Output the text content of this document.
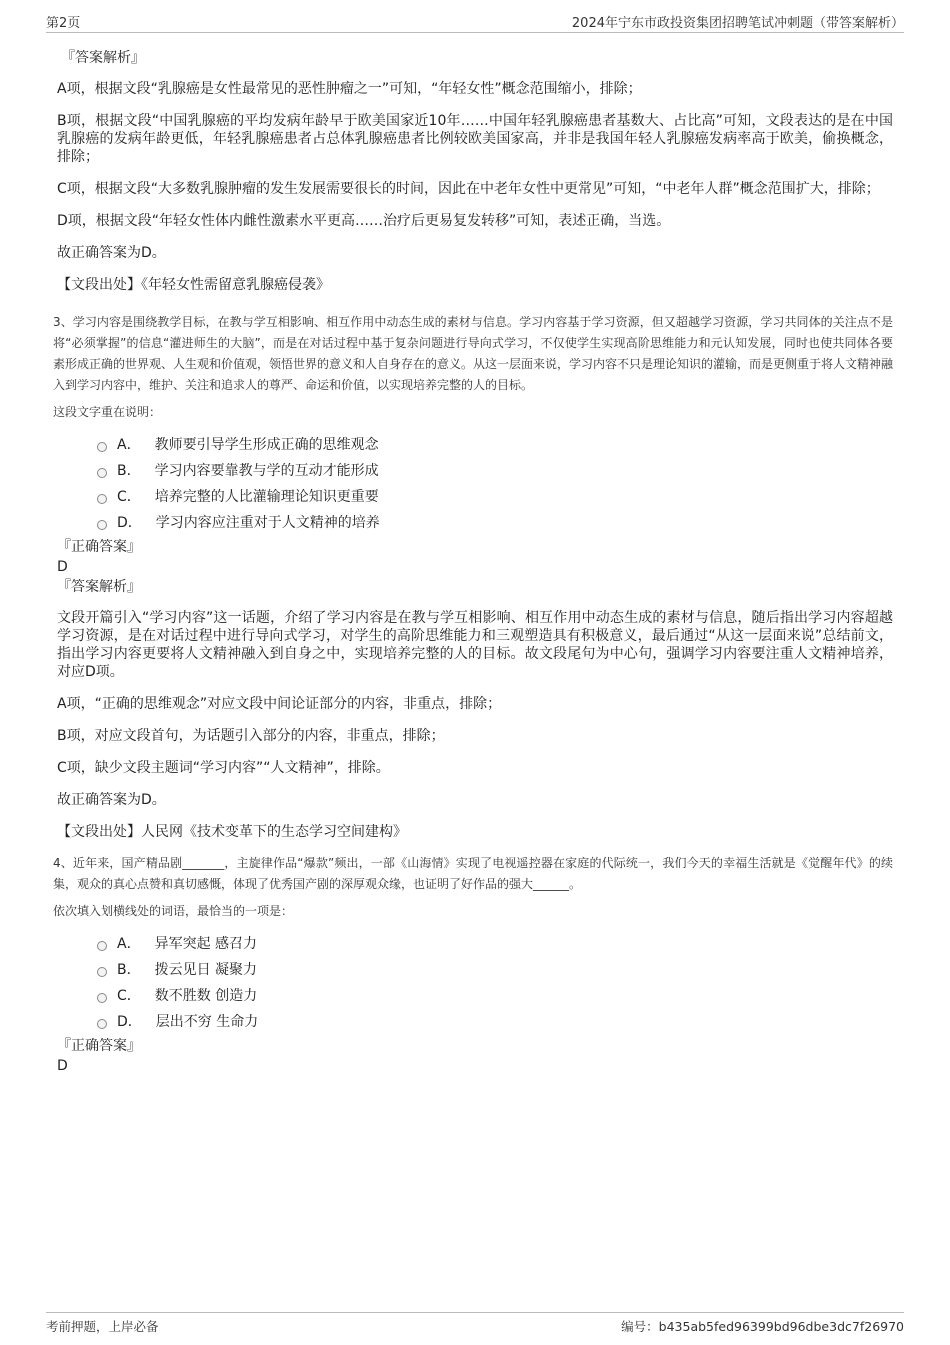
第2页	2024年宁东市政投资集团招聘笔试冲刺题（带答案解析）
『答案解析』

A项，根据文段“乳腺癌是女性最常见的恶性肿瘤之一”可知，“年轻女性”概念范围缩小，排除；

B项，根据文段“中国乳腺癌的平均发病年龄早于欧美国家近10年……中国年轻乳腺癌患者基数大、占比高”可知，文段表达的是在中国乳腺癌的发病年龄更低，年轻乳腺癌患者占总体乳腺癌患者比例较欧美国家高，并非是我国年轻人乳腺癌发病率高于欧美，偷换概念，排除；

C项，根据文段“大多数乳腺肿瘤的发生发展需要很长的时间，因此在中老年女性中更常见”可知，“中老年人群”概念范围扩大，排除；

D项，根据文段“年轻女性体内雌性激素水平更高……治疗后更易复发转移”可知，表述正确，当选。

故正确答案为D。

【文段出处】《年轻女性需留意乳腺癌侵袭》

3、学习内容是围绕教学目标，在教与学互相影响、相互作用中动态生成的素材与信息。学习内容基于学习资源，但又超越学习资源，学习共同体的关注点不是将“必须掌握”的信息“灌进师生的大脑”，而是在对话过程中基于复杂问题进行导向式学习，不仅使学生实现高阶思维能力和元认知发展，同时也使共同体各要素形成正确的世界观、人生观和价值观，领悟世界的意义和人自身存在的意义。从这一层面来说，学习内容不只是理论知识的灌输，而是更侧重于将人文精神融入到学习内容中，维护、关注和追求人的尊严、命运和价值，以实现培养完整的人的目标。

这段文字重在说明：

A． 教师要引导学生形成正确的思维观念
B． 学习内容要靠教与学的互动才能形成
C． 培养完整的人比灌输理论知识更重要
D． 学习内容应注重对于人文精神的培养
『正确答案』
D
『答案解析』

文段开篇引入“学习内容”这一话题，介绍了学习内容是在教与学互相影响、相互作用中动态生成的素材与信息，随后指出学习内容超越学习资源，是在对话过程中进行导向式学习，对学生的高阶思维能力和三观塑造具有积极意义，最后通过“从这一层面来说”总结前文，指出学习内容更要将人文精神融入到自身之中，实现培养完整的人的目标。故文段尾句为中心句，强调学习内容要注重人文精神培养，对应D项。

A项，“正确的思维观念”对应文段中间论证部分的内容，非重点，排除；

B项，对应文段首句，为话题引入部分的内容，非重点，排除；

C项，缺少文段主题词“学习内容”“人文精神”，排除。

故正确答案为D。

【文段出处】人民网《技术变革下的生态学习空间建构》

4、近年来，国产精品剧_______，主旋律作品“爆款”频出，一部《山海情》实现了电视遥控器在家庭的代际统一，我们今天的幸福生活就是《觉醒年代》的续集，观众的真心点赞和真切感慨，体现了优秀国产剧的深厚观众缘，也证明了好作品的强大______。

依次填入划横线处的词语，最恰当的一项是：

A． 异军突起 感召力
B． 拨云见日 凝聚力
C． 数不胜数 创造力
D． 层出不穷 生命力
『正确答案』
D
考前押题，上岸必备	编号：b435ab5fed96399bd96dbe3dc7f26970
